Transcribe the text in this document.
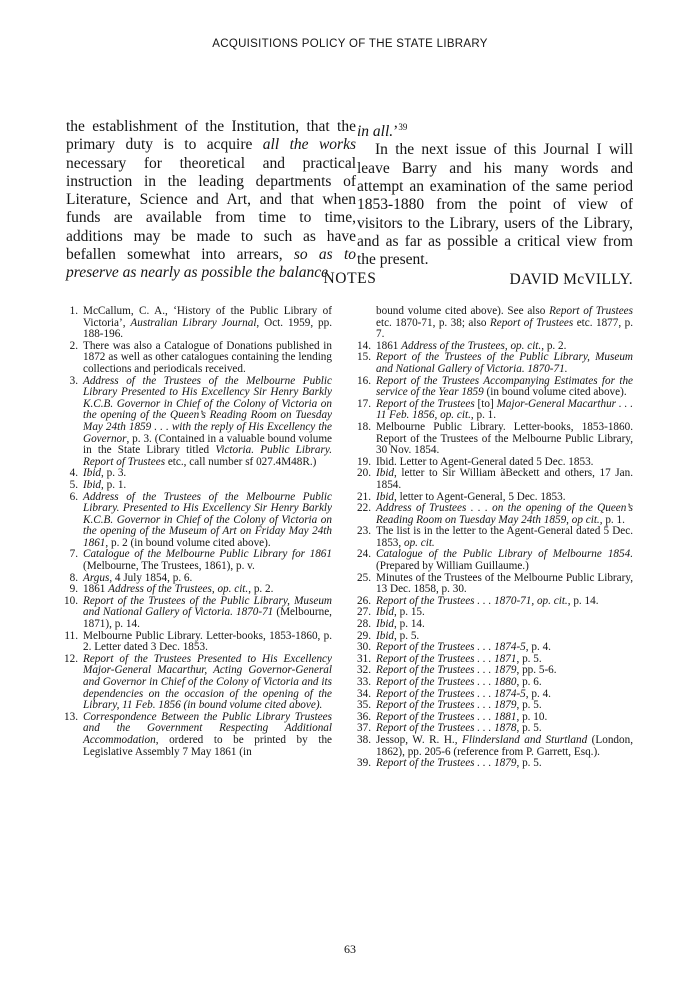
ACQUISITIONS POLICY OF THE STATE LIBRARY

the establishment of the Institution, that the primary duty is to acquire all the works necessary for theoretical and practical instruction in the leading departments of Literature, Science and Art, and that when funds are available from time to time, additions may be made to such as have befallen somewhat into arrears, so as to preserve as nearly as possible the balance

in all.’$^{39}$

In the next issue of this Journal I will leave Barry and his many words and attempt an examination of the same period 1853-1880 from the point of view of visitors to the Library, users of the Library, and as far as possible a critical view from the present.

DAVID McVILLY.

NOTES
1. McCallum, C. A., ‘History of the Public Library of Victoria’, Australian Library Journal, Oct. 1959, pp. 188-196.
2. There was also a Catalogue of Donations published in 1872 as well as other catalogues containing the lending collections and periodicals received.
3. Address of the Trustees of the Melbourne Public Library Presented to His Excellency Sir Henry Barkly K.C.B. Governor in Chief of the Colony of Victoria on the opening of the Queen’s Reading Room on Tuesday May 24th 1859 . . . with the reply of His Excellency the Governor, p. 3. (Contained in a valuable bound volume in the State Library titled Victoria. Public Library. Report of Trustees etc., call number sf 027.4M48R.)
4. Ibid, p. 3.
5. Ibid, p. 1.
6. Address of the Trustees of the Melbourne Public Library. Presented to His Excellency Sir Henry Barkly K.C.B. Governor in Chief of the Colony of Victoria on the opening of the Museum of Art on Friday May 24th 1861, p. 2 (in bound volume cited above).
7. Catalogue of the Melbourne Public Library for 1861 (Melbourne, The Trustees, 1861), p. v.
8. Argus, 4 July 1854, p. 6.
9. 1861 Address of the Trustees, op. cit., p. 2.
10. Report of the Trustees of the Public Library, Museum and National Gallery of Victoria. 1870-71 (Melbourne, 1871), p. 14.
11. Melbourne Public Library. Letter-books, 1853-1860, p. 2. Letter dated 3 Dec. 1853.
12. Report of the Trustees Presented to His Excellency Major-General Macarthur, Acting Governor-General and Governor in Chief of the Colony of Victoria and its dependencies on the occasion of the opening of the Library, 11 Feb. 1856 (in bound volume cited above).
13. Correspondence Between the Public Library Trustees and the Government Respecting Additional Accommodation, ordered to be printed by the Legislative Assembly 7 May 1861 (in
bound volume cited above). See also Report of Trustees etc. 1870-71, p. 38; also Report of Trustees etc. 1877, p. 7.
14. 1861 Address of the Trustees, op. cit., p. 2.
15. Report of the Trustees of the Public Library, Museum and National Gallery of Victoria. 1870-71.
16. Report of the Trustees Accompanying Estimates for the service of the Year 1859 (in bound volume cited above).
17. Report of the Trustees [to] Major-General Macarthur . . . 11 Feb. 1856, op. cit., p. 1.
18. Melbourne Public Library. Letter-books, 1853-1860. Report of the Trustees of the Melbourne Public Library, 30 Nov. 1854.
19. Ibid. Letter to Agent-General dated 5 Dec. 1853.
20. Ibid, letter to Sir William àBeckett and others, 17 Jan. 1854.
21. Ibid, letter to Agent-General, 5 Dec. 1853.
22. Address of Trustees . . . on the opening of the Queen’s Reading Room on Tuesday May 24th 1859, op cit., p. 1.
23. The list is in the letter to the Agent-General dated 5 Dec. 1853, op. cit.
24. Catalogue of the Public Library of Melbourne 1854. (Prepared by William Guillaume.)
25. Minutes of the Trustees of the Melbourne Public Library, 13 Dec. 1858, p. 30.
26. Report of the Trustees . . . 1870-71, op. cit., p. 14.
27. Ibid, p. 15.
28. Ibid, p. 14.
29. Ibid, p. 5.
30. Report of the Trustees . . . 1874-5, p. 4.
31. Report of the Trustees . . . 1871, p. 5.
32. Report of the Trustees . . . 1879, pp. 5-6.
33. Report of the Trustees . . . 1880, p. 6.
34. Report of the Trustees . . . 1874-5, p. 4.
35. Report of the Trustees . . . 1879, p. 5.
36. Report of the Trustees . . . 1881, p. 10.
37. Report of the Trustees . . . 1878, p. 5.
38. Jessop, W. R. H., Flindersland and Sturtland (London, 1862), pp. 205-6 (reference from P. Garrett, Esq.).
39. Report of the Trustees . . . 1879, p. 5.
63
